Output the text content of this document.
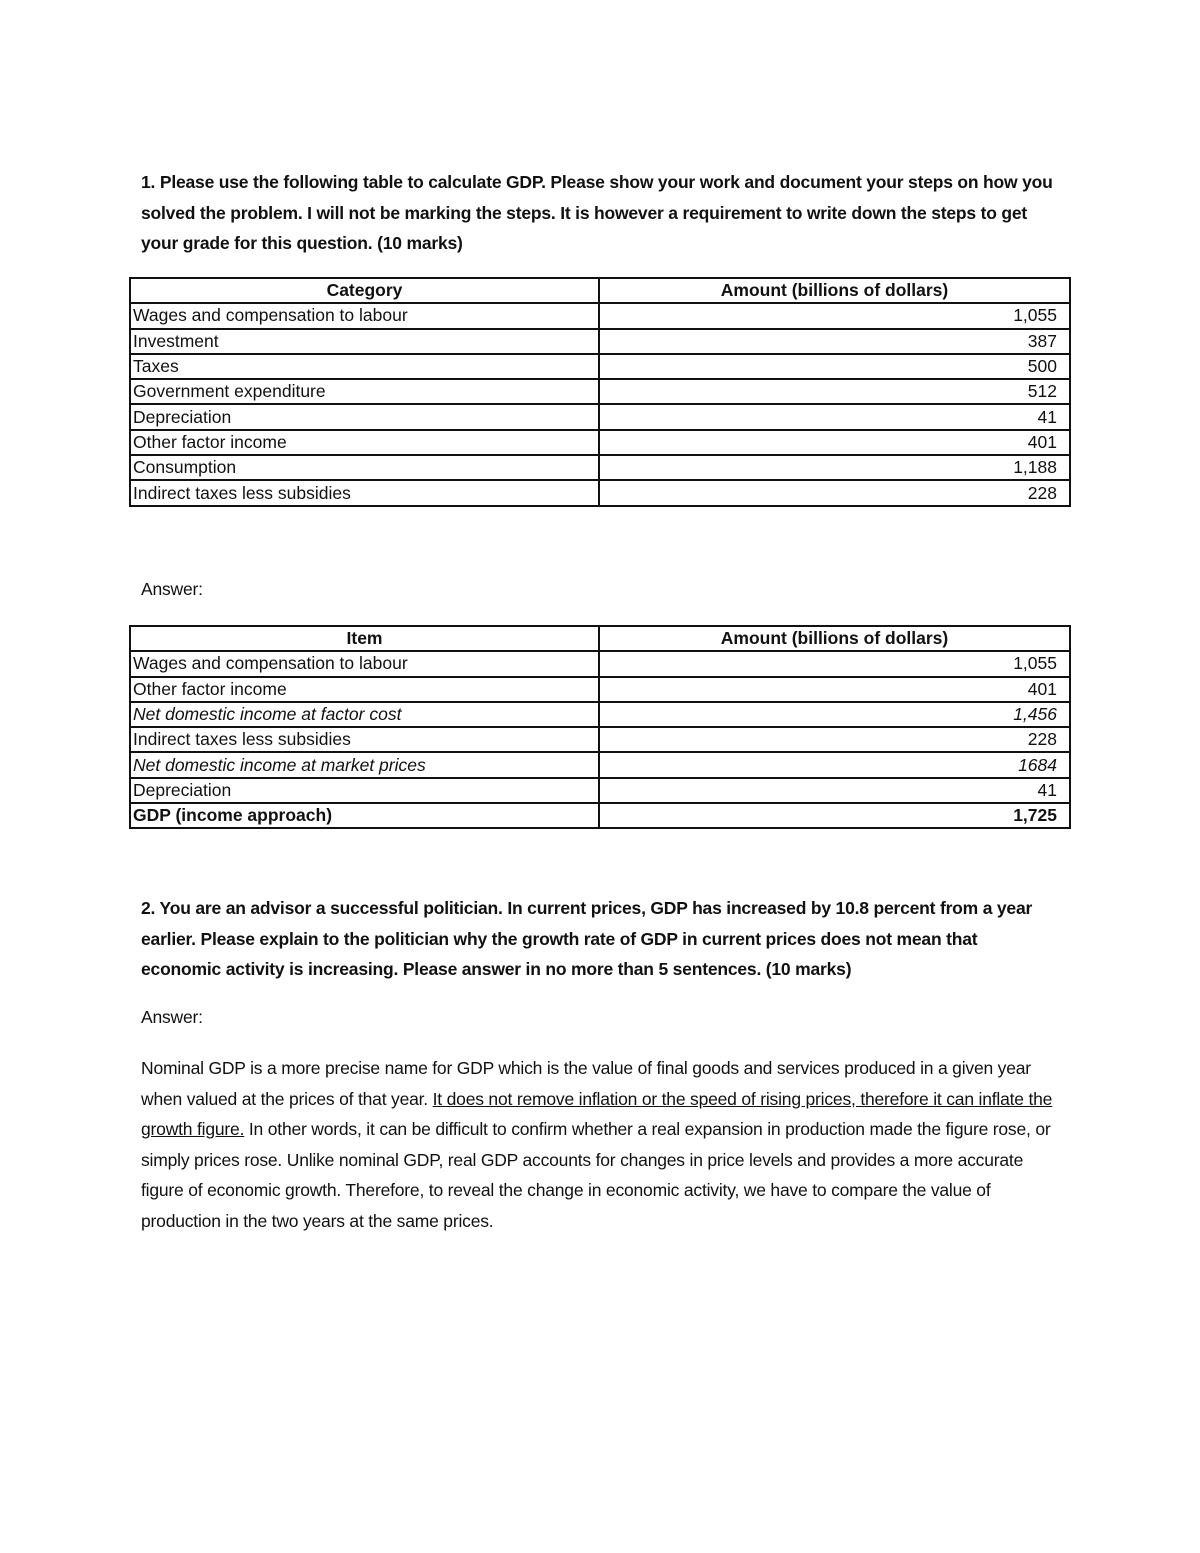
1. Please use the following table to calculate GDP. Please show your work and document your steps on how you solved the problem. I will not be marking the steps. It is however a requirement to write down the steps to get your grade for this question. (10 marks)

Category	Amount (billions of dollars)
Wages and compensation to labour	1,055
Investment	387
Taxes	500
Government expenditure	512
Depreciation	41
Other factor income	401
Consumption	1,188
Indirect taxes less subsidies	228

Answer:

Item	Amount (billions of dollars)
Wages and compensation to labour	1,055
Other factor income	401
Net domestic income at factor cost	1,456
Indirect taxes less subsidies	228
Net domestic income at market prices	1684
Depreciation	41
GDP (income approach)	1,725

2. You are an advisor a successful politician. In current prices, GDP has increased by 10.8 percent from a year earlier. Please explain to the politician why the growth rate of GDP in current prices does not mean that economic activity is increasing. Please answer in no more than 5 sentences. (10 marks)

Answer:

Nominal GDP is a more precise name for GDP which is the value of final goods and services produced in a given year when valued at the prices of that year. It does not remove inflation or the speed of rising prices, therefore it can inflate the growth figure. In other words, it can be difficult to confirm whether a real expansion in production made the figure rose, or simply prices rose. Unlike nominal GDP, real GDP accounts for changes in price levels and provides a more accurate figure of economic growth. Therefore, to reveal the change in economic activity, we have to compare the value of production in the two years at the same prices.
